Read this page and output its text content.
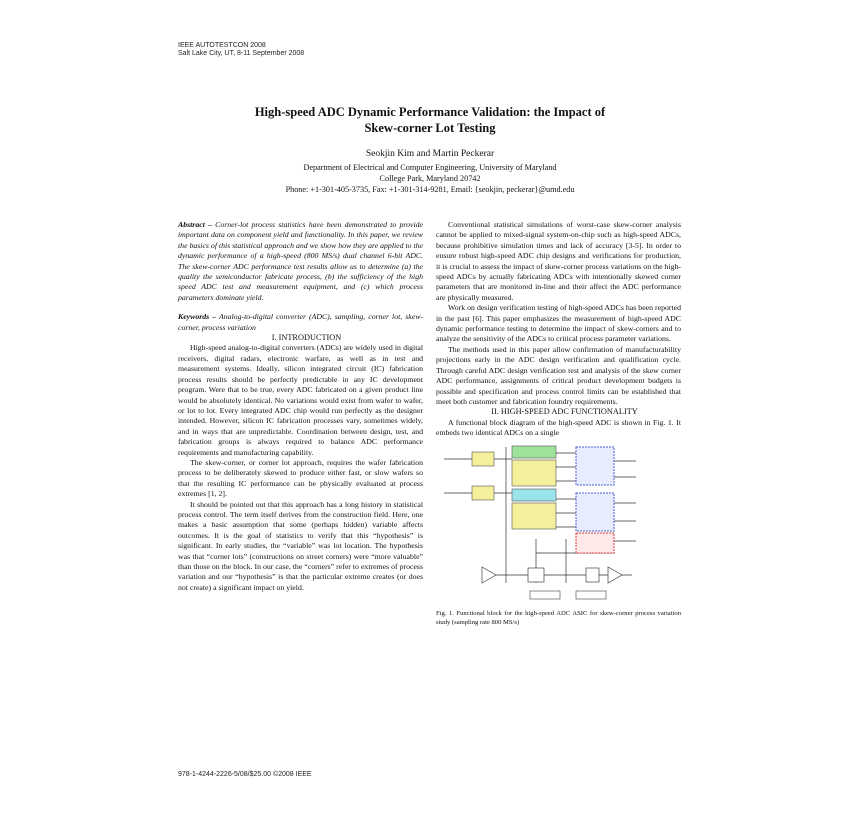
IEEE AUTOTESTCON 2008
Salt Lake City, UT, 8-11 September 2008
High-speed ADC Dynamic Performance Validation: the Impact of
Skew-corner Lot Testing
Seokjin Kim and Martin Peckerar
Department of Electrical and Computer Engineering, University of Maryland
College Park, Maryland 20742
Phone: +1-301-405-3735, Fax: +1-301-314-9281, Email: {seokjin, peckerar}@umd.edu

Abstract – Corner-lot process statistics have been demonstrated to provide important data on component yield and functionality. In this paper, we review the basics of this statistical approach and we show how they are applied to the dynamic performance of a high-speed (800 MS/s) dual channel 6-bit ADC. The skew-corner ADC performance test results allow us to determine (a) the quality the semiconductor fabricate process, (b) the sufficiency of the high speed ADC test and measurement equipment, and (c) which process parameters dominate yield.

Keywords – Analog-to-digital converter (ADC), sampling, corner lot, skew-corner, process variation

I. INTRODUCTION

High-speed analog-to-digital converters (ADCs) are widely used in digital receivers, digital radars, electronic warfare, as well as in test and measurement systems. Ideally, silicon integrated circuit (IC) fabrication process results should be perfectly predictable in any IC development program. Were that to be true, every ADC fabricated on a given product line would be absolutely identical. No variations would exist from wafer to wafer, or lot to lot. Every integrated ADC chip would run perfectly as the designer intended. However, silicon IC fabrication processes vary, sometimes widely, and in ways that are unpredictable. Coordination between design, test, and fabrication groups is always required to balance ADC performance requirements and manufacturing capability.

The skew-corner, or corner lot approach, requires the wafer fabrication process to be deliberately skewed to produce either fast, or slow wafers so that the resulting IC performance can be physically evaluated at process extremes [1, 2].

It should be pointed out that this approach has a long history in statistical process control. The term itself derives from the construction field. Here, one makes a basic assumption that some (perhaps hidden) variable affects outcomes. It is the goal of statistics to verify that this “hypothesis” is significant. In early studies, the “variable” was lot location. The hypothesis was that “corner lots” (constructions on street corners) were “more valuable” than those on the block. In our case, the “corners” refer to extremes of process variation and our “hypothesis” is that the particular extreme creates (or does not create) a significant impact on yield.

Conventional statistical simulations of worst-case skew-corner analysis cannot be applied to mixed-signal system-on-chip such as high-speed ADCs, because prohibitive simulation times and lack of accuracy [3-5]. In order to ensure robust high-speed ADC chip designs and verifications for production, it is crucial to assess the impact of skew-corner process variations on the high-speed ADCs by actually fabricating ADCs with intentionally skewed corner parameters that are monitored in-line and their affect the ADC performance are physically measured.

Work on design verification testing of high-speed ADCs has been reported in the past [6]. This paper emphasizes the measurement of high-speed ADC dynamic performance testing to determine the impact of skew-corners and to analyze the sensitivity of the ADCs to critical process parameter variations.

The methods used in this paper allow confirmation of manufacturability projections early in the ADC design verification and qualification cycle. Through careful ADC design verification test and analysis of the skew corner ADC performance, assignments of critical product development budgets is possible and specification and process control limits can be established that meet both customer and fabrication foundry requirements.

II. HIGH-SPEED ADC FUNCTIONALITY

A functional block diagram of the high-speed ADC is shown in Fig. 1. It embeds two identical ADCs on a single

Fig. 1. Functional block for the high-speed ADC ASIC for skew-corner process variation study (sampling rate 800 MS/s)

978-1-4244-2226-5/08/$25.00 ©2008 IEEE
